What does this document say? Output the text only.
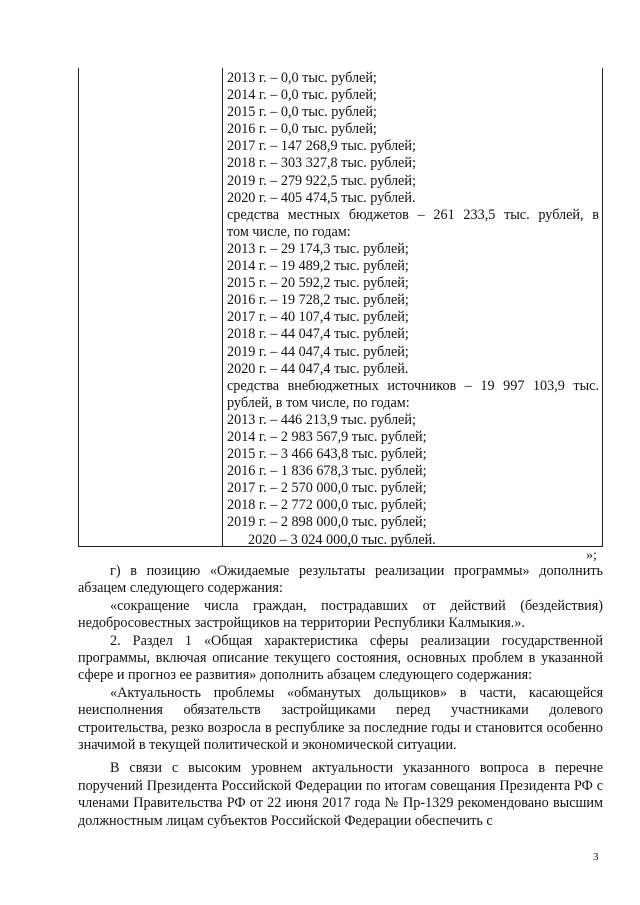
2013 г. – 0,0 тыс. рублей;
2014 г. – 0,0 тыс. рублей;
2015 г. – 0,0 тыс. рублей;
2016 г. – 0,0 тыс. рублей;
2017 г. – 147 268,9 тыс. рублей;
2018 г. – 303 327,8 тыс. рублей;
2019 г. – 279 922,5 тыс. рублей;
2020 г. – 405 474,5 тыс. рублей.
средства местных бюджетов – 261 233,5 тыс. рублей, в
том числе, по годам:
2013 г. – 29 174,3 тыс. рублей;
2014 г. – 19 489,2 тыс. рублей;
2015 г. – 20 592,2 тыс. рублей;
2016 г. – 19 728,2 тыс. рублей;
2017 г. – 40 107,4 тыс. рублей;
2018 г. – 44 047,4 тыс. рублей;
2019 г. – 44 047,4 тыс. рублей;
2020 г. – 44 047,4 тыс. рублей.
средства внебюджетных источников – 19 997 103,9 тыс.
рублей, в том числе, по годам:
2013 г. – 446 213,9 тыс. рублей;
2014 г. – 2 983 567,9 тыс. рублей;
2015 г. – 3 466 643,8 тыс. рублей;
2016 г. – 1 836 678,3 тыс. рублей;
2017 г. – 2 570 000,0 тыс. рублей;
2018 г. – 2 772 000,0 тыс. рублей;
2019 г. – 2 898 000,0 тыс. рублей;
2020 – 3 024 000,0 тыс. рублей.
»;

г) в позицию «Ожидаемые результаты реализации программы» дополнить абзацем следующего содержания:

«сокращение числа граждан, пострадавших от действий (бездействия) недобросовестных застройщиков на территории Республики Калмыкия.».

2. Раздел 1 «Общая характеристика сферы реализации государственной программы, включая описание текущего состояния, основных проблем в указанной сфере и прогноз ее развития» дополнить абзацем следующего содержания:

«Актуальность проблемы «обманутых дольщиков» в части, касающейся неисполнения обязательств застройщиками перед участниками долевого строительства, резко возросла в республике за последние годы и становится особенно значимой в текущей политической и экономической ситуации.

В связи с высоким уровнем актуальности указанного вопроса в перечне поручений Президента Российской Федерации по итогам совещания Президента РФ с членами Правительства РФ от 22 июня 2017 года № Пр-1329 рекомендовано высшим должностным лицам субъектов Российской Федерации обеспечить с

3
